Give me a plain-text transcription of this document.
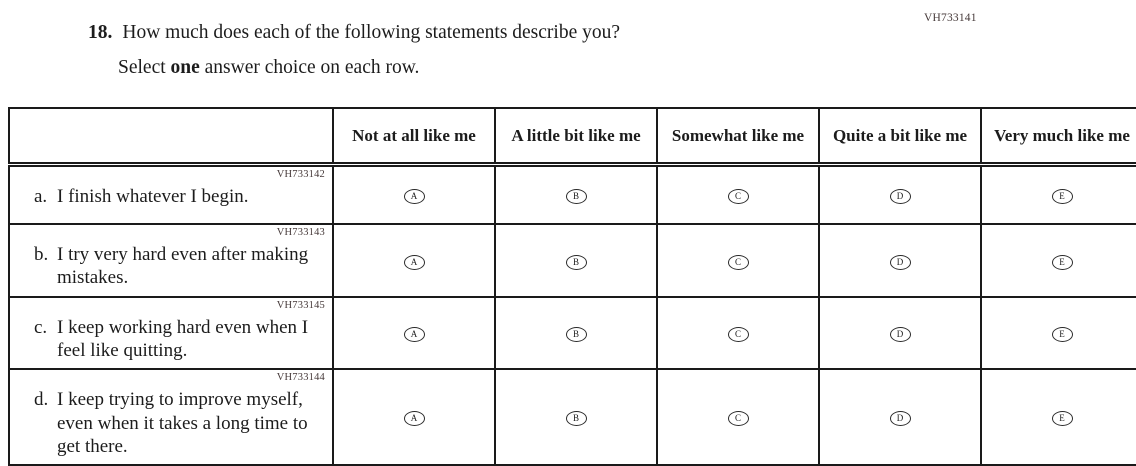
18. How much does each of the following statements describe you?
Select one answer choice on each row.
VH733141

	Not at all like me	A little bit like me	Somewhat like me	Quite a bit like me	Very much like me

VH733142
a. I finish whatever I begin.	A	B	C	D	E

VH733143
b. I try very hard even after making mistakes.	A	B	C	D	E

VH733145
c. I keep working hard even when I feel like quitting.	A	B	C	D	E

VH733144
d. I keep trying to improve myself, even when it takes a long time to get there.	A	B	C	D	E
